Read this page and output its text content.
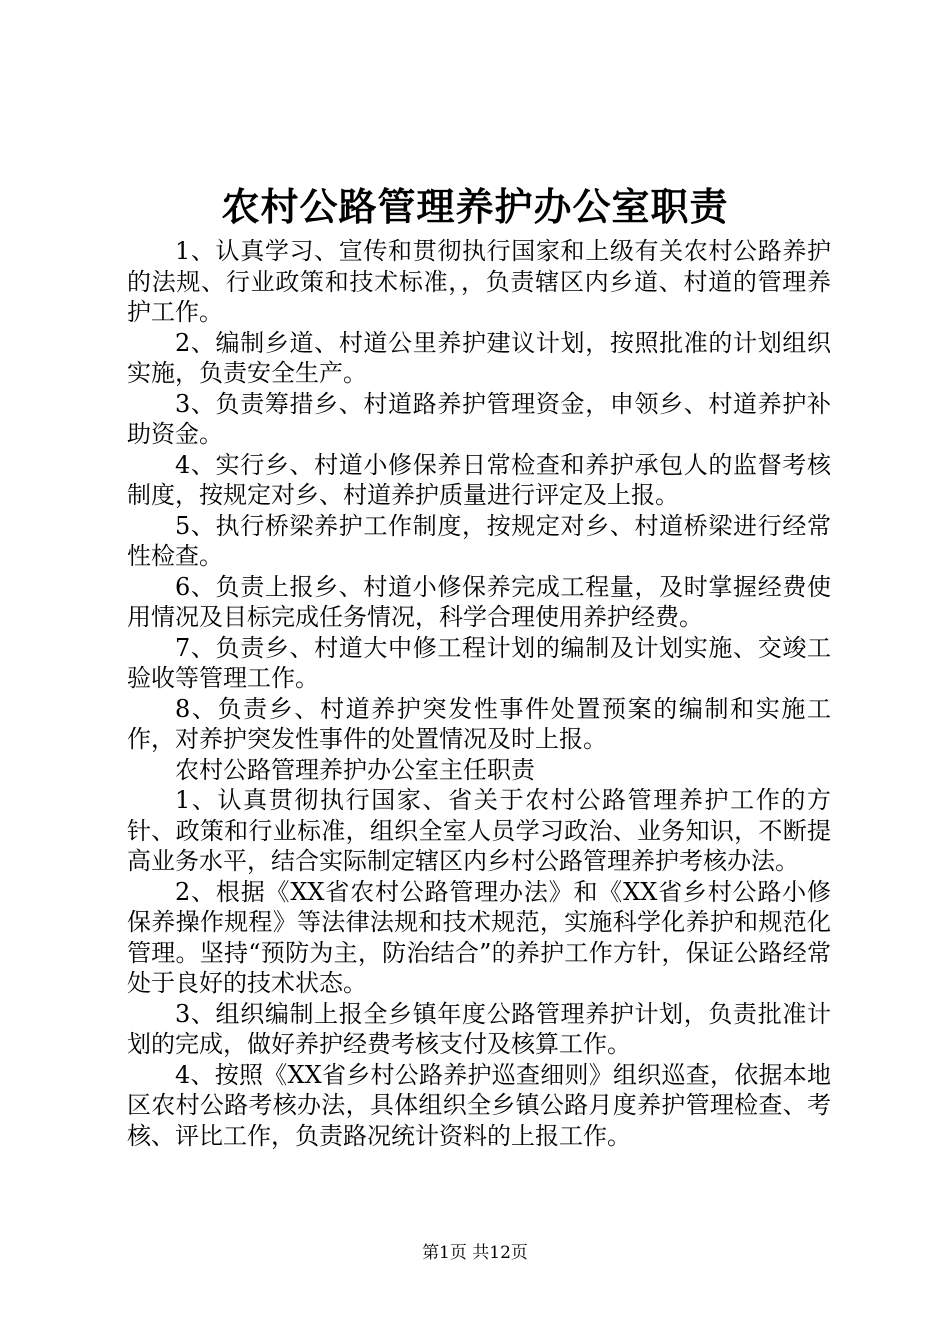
农村公路管理养护办公室职责

1、认真学习、宣传和贯彻执行国家和上级有关农村公路养护的法规、行业政策和技术标准，，负责辖区内乡道、村道的管理养护工作。

2、编制乡道、村道公里养护建议计划，按照批准的计划组织实施，负责安全生产。

3、负责筹措乡、村道路养护管理资金，申领乡、村道养护补助资金。

4、实行乡、村道小修保养日常检查和养护承包人的监督考核制度，按规定对乡、村道养护质量进行评定及上报。

5、执行桥梁养护工作制度，按规定对乡、村道桥梁进行经常性检查。

6、负责上报乡、村道小修保养完成工程量，及时掌握经费使用情况及目标完成任务情况，科学合理使用养护经费。

7、负责乡、村道大中修工程计划的编制及计划实施、交竣工验收等管理工作。

8、负责乡、村道养护突发性事件处置预案的编制和实施工作，对养护突发性事件的处置情况及时上报。

农村公路管理养护办公室主任职责

1、认真贯彻执行国家、省关于农村公路管理养护工作的方针、政策和行业标准，组织全室人员学习政治、业务知识，不断提高业务水平，结合实际制定辖区内乡村公路管理养护考核办法。

2、根据《XX省农村公路管理办法》和《XX省乡村公路小修保养操作规程》等法律法规和技术规范，实施科学化养护和规范化管理。坚持“预防为主，防治结合”的养护工作方针，保证公路经常处于良好的技术状态。

3、组织编制上报全乡镇年度公路管理养护计划，负责批准计划的完成，做好养护经费考核支付及核算工作。

4、按照《XX省乡村公路养护巡查细则》组织巡查，依据本地区农村公路考核办法，具体组织全乡镇公路月度养护管理检查、考核、评比工作，负责路况统计资料的上报工作。

第1页 共12页
